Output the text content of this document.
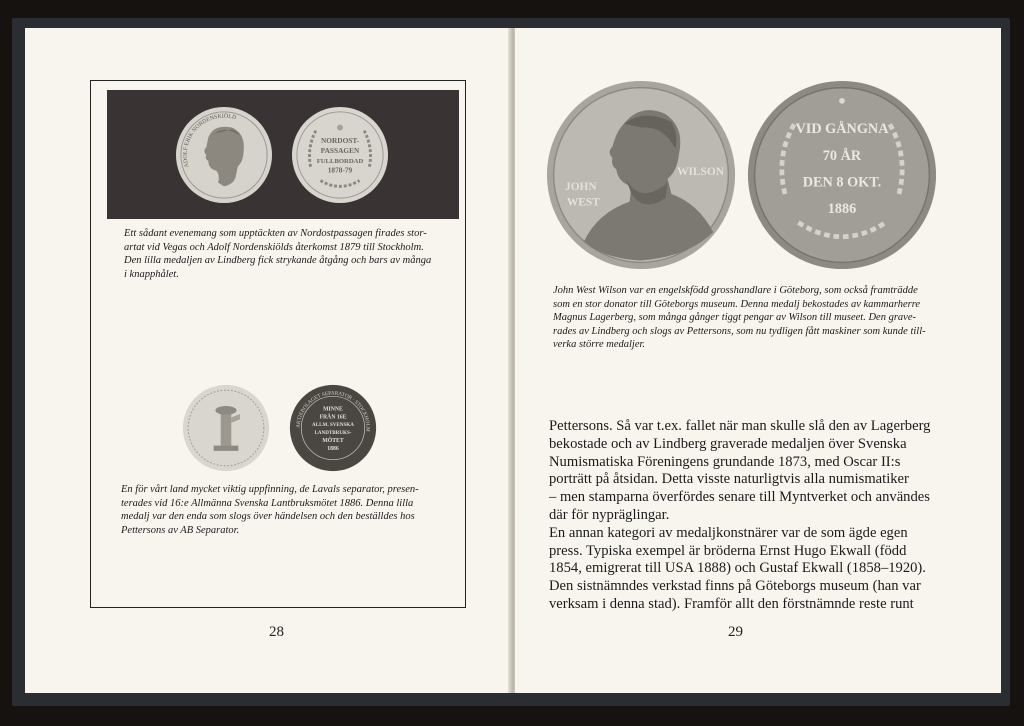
ADOLF ERIK NORDENSKIÖLD
NORDOST-
PASSAGEN
FULLBORDAD
1878-79
Ett sådant evenemang som upptäckten av Nordostpassagen firades stor-
artat vid Vegas och Adolf Nordenskiölds återkomst 1879 till Stockholm.
Den lilla medaljen av Lindberg fick strykande åtgång och bars av många
i knapphålet.
AKTIEBOLAGET SEPARATOR · STOCKHOLM
MINNE
FRÅN 16E
ALLM. SVENSKA
LANDTBRUKS-
MÖTET
1886
En för vårt land mycket viktig uppfinning, de Lavals separator, presen-
terades vid 16:e Allmänna Svenska Lantbruksmötet 1886. Denna lilla
medalj var den enda som slogs över händelsen och den beställdes hos
Pettersons av AB Separator.
28
JOHN
WEST
WILSON
VID GÅNGNA
70 ÅR
DEN 8 OKT.
1886
John West Wilson var en engelskfödd grosshandlare i Göteborg, som också framträdde
som en stor donator till Göteborgs museum. Denna medalj bekostades av kammarherre
Magnus Lagerberg, som många gånger tiggt pengar av Wilson till museet. Den grave-
rades av Lindberg och slogs av Pettersons, som nu tydligen fått maskiner som kunde till-
verka större medaljer.
Pettersons. Så var t.ex. fallet när man skulle slå den av Lagerberg
bekostade och av Lindberg graverade medaljen över Svenska
Numismatiska Föreningens grundande 1873, med Oscar II:s
porträtt på åtsidan. Detta visste naturligtvis alla numismatiker
– men stamparna överfördes senare till Myntverket och användes
där för nypräglingar.
En annan kategori av medaljkonstnärer var de som ägde egen
press. Typiska exempel är bröderna Ernst Hugo Ekwall (född
1854, emigrerat till USA 1888) och Gustaf Ekwall (1858–1920).
Den sistnämndes verkstad finns på Göteborgs museum (han var
verksam i denna stad). Framför allt den förstnämnde reste runt
29
